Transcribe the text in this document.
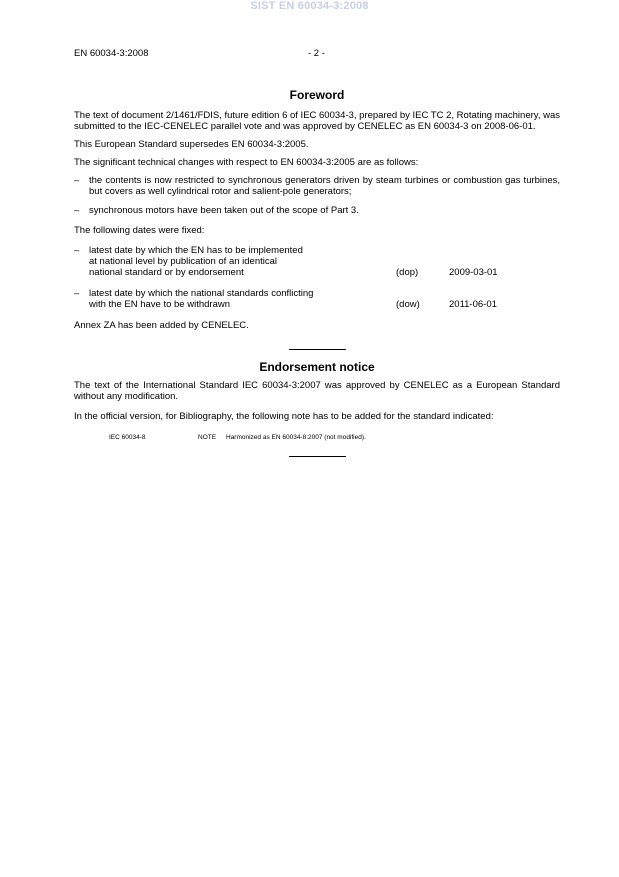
SIST EN 60034-3:2008
EN 60034-3:2008	- 2 -
Foreword

The text of document 2/1461/FDIS, future edition 6 of IEC 60034-3, prepared by IEC TC 2, Rotating machinery, was submitted to the IEC-CENELEC parallel vote and was approved by CENELEC as EN 60034-3 on 2008-06-01.

This European Standard supersedes EN 60034-3:2005.

The significant technical changes with respect to EN 60034-3:2005 are as follows:

–	the contents is now restricted to synchronous generators driven by steam turbines or combustion gas turbines, but covers as well cylindrical rotor and salient-pole generators;
–	synchronous motors have been taken out of the scope of Part 3.

The following dates were fixed:

–	latest date by which the EN has to be implemented
at national level by publication of an identical
national standard or by endorsement	(dop)	2009-03-01
–	latest date by which the national standards conflicting
with the EN have to be withdrawn	(dow)	2011-06-01

Annex ZA has been added by CENELEC.

Endorsement notice

The text of the International Standard IEC 60034-3:2007 was approved by CENELEC as a European Standard without any modification.

In the official version, for Bibliography, the following note has to be added for the standard indicated:

IEC 60034-8	NOTE	Harmonized as EN 60034-8:2007 (not modified).
